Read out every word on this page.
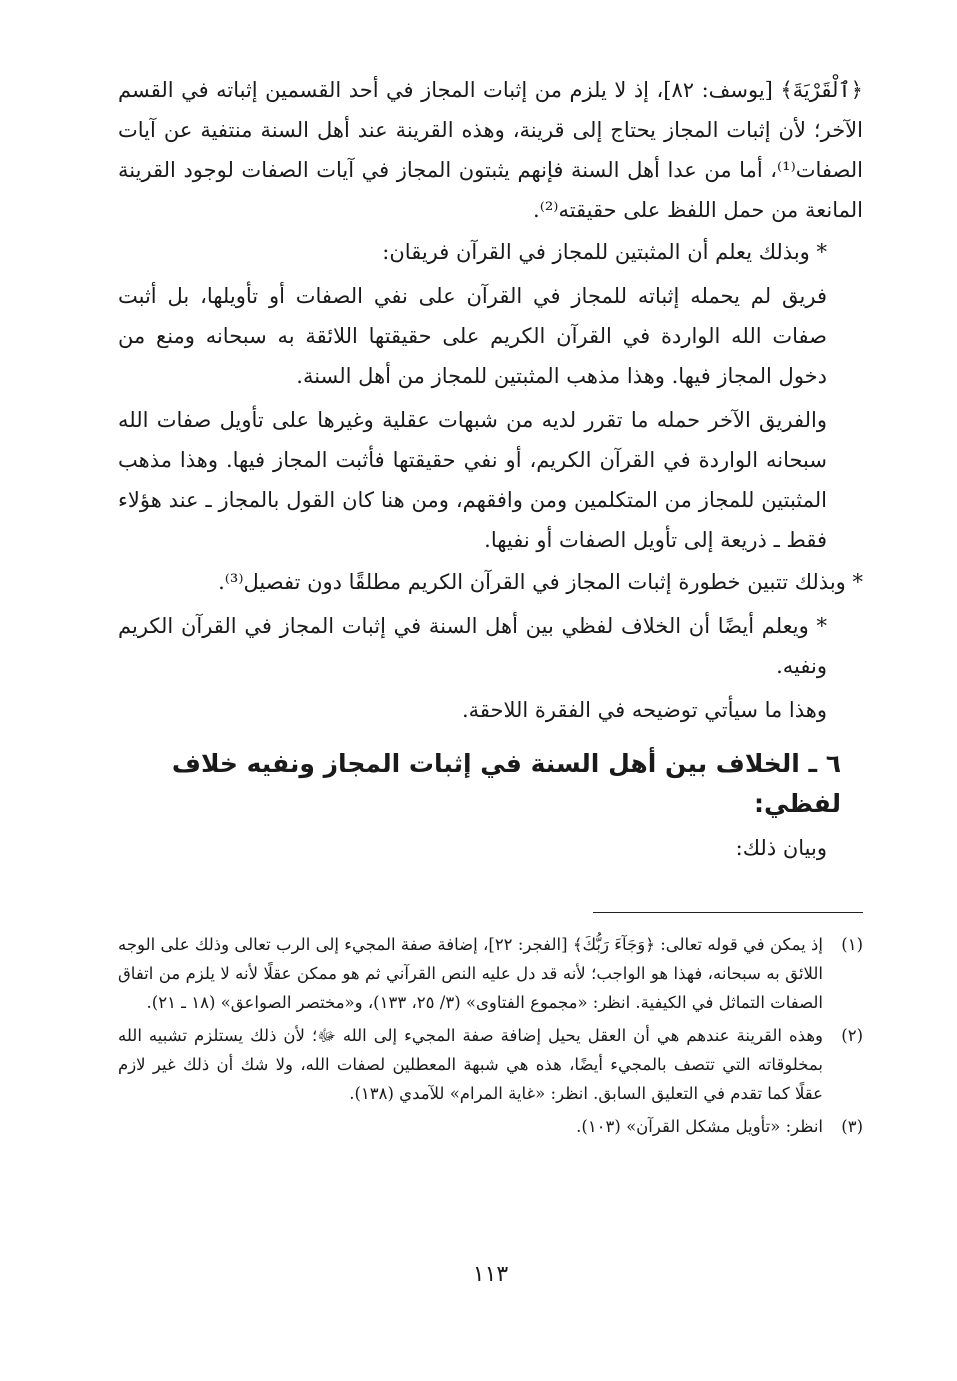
﴿ٱلْقَرْيَةَ﴾ [يوسف: ٨٢]، إذ لا يلزم من إثبات المجاز في أحد القسمين إثباته في القسم الآخر؛ لأن إثبات المجاز يحتاج إلى قرينة، وهذه القرينة عند أهل السنة منتفية عن آيات الصفات⁽¹⁾، أما من عدا أهل السنة فإنهم يثبتون المجاز في آيات الصفات لوجود القرينة المانعة من حمل اللفظ على حقيقته⁽²⁾.

* وبذلك يعلم أن المثبتين للمجاز في القرآن فريقان:

فريق لم يحمله إثباته للمجاز في القرآن على نفي الصفات أو تأويلها، بل أثبت صفات الله الواردة في القرآن الكريم على حقيقتها اللائقة به سبحانه ومنع من دخول المجاز فيها. وهذا مذهب المثبتين للمجاز من أهل السنة.

والفريق الآخر حمله ما تقرر لديه من شبهات عقلية وغيرها على تأويل صفات الله سبحانه الواردة في القرآن الكريم، أو نفي حقيقتها فأثبت المجاز فيها. وهذا مذهب المثبتين للمجاز من المتكلمين ومن وافقهم، ومن هنا كان القول بالمجاز ـ عند هؤلاء فقط ـ ذريعة إلى تأويل الصفات أو نفيها.

* وبذلك تتبين خطورة إثبات المجاز في القرآن الكريم مطلقًا دون تفصيل⁽³⁾.

* ويعلم أيضًا أن الخلاف لفظي بين أهل السنة في إثبات المجاز في القرآن الكريم ونفيه.

وهذا ما سيأتي توضيحه في الفقرة اللاحقة.

٦ ـ الخلاف بين أهل السنة في إثبات المجاز ونفيه خلاف لفظي:

وبيان ذلك:

(١)
إذ يمكن في قوله تعالى: ﴿وَجَآءَ رَبُّكَ﴾ [الفجر: ٢٢]، إضافة صفة المجيء إلى الرب تعالى وذلك على الوجه اللائق به سبحانه، فهذا هو الواجب؛ لأنه قد دل عليه النص القرآني ثم هو ممكن عقلًا لأنه لا يلزم من اتفاق الصفات التماثل في الكيفية. انظر: «مجموع الفتاوى» (٣/ ٢٥، ١٣٣)، و«مختصر الصواعق» (١٨ ـ ٢١).
(٢)
وهذه القرينة عندهم هي أن العقل يحيل إضافة صفة المجيء إلى الله ﷻ؛ لأن ذلك يستلزم تشبيه الله بمخلوقاته التي تتصف بالمجيء أيضًا، هذه هي شبهة المعطلين لصفات الله، ولا شك أن ذلك غير لازم عقلًا كما تقدم في التعليق السابق. انظر: «غاية المرام» للآمدي (١٣٨).
(٣)
انظر: «تأويل مشكل القرآن» (١٠٣).
١١٣
